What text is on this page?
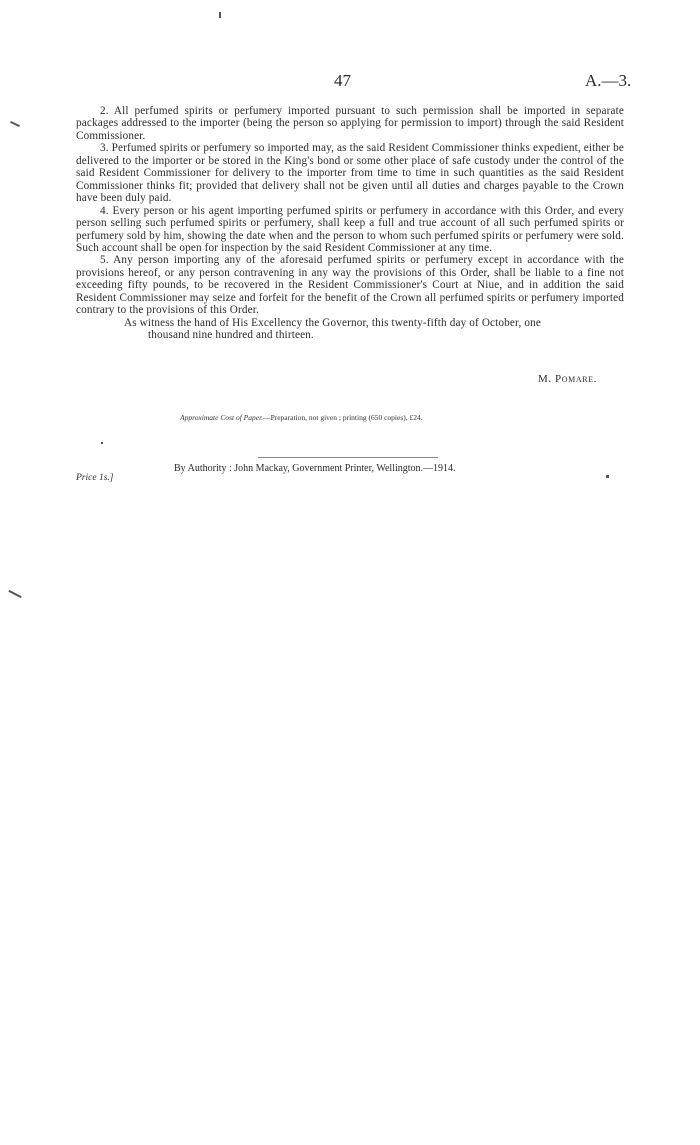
47	A.—3.

2. All perfumed spirits or perfumery imported pursuant to such permission shall be imported in separate packages addressed to the importer (being the person so applying for permission to import) through the said Resident Commissioner.

3. Perfumed spirits or perfumery so imported may, as the said Resident Commissioner thinks expedient, either be delivered to the importer or be stored in the King's bond or some other place of safe custody under the control of the said Resident Commissioner for delivery to the importer from time to time in such quantities as the said Resident Commissioner thinks fit; provided that delivery shall not be given until all duties and charges payable to the Crown have been duly paid.

4. Every person or his agent importing perfumed spirits or perfumery in accordance with this Order, and every person selling such perfumed spirits or perfumery, shall keep a full and true account of all such perfumed spirits or perfumery sold by him, showing the date when and the person to whom such perfumed spirits or perfumery were sold. Such account shall be open for inspection by the said Resident Commissioner at any time.

5. Any person importing any of the aforesaid perfumed spirits or perfumery except in accordance with the provisions hereof, or any person contravening in any way the provisions of this Order, shall be liable to a fine not exceeding fifty pounds, to be recovered in the Resident Commissioner's Court at Niue, and in addition the said Resident Commissioner may seize and forfeit for the benefit of the Crown all perfumed spirits or perfumery imported contrary to the provisions of this Order.

As witness the hand of His Excellency the Governor, this twenty-fifth day of October, one
thousand nine hundred and thirteen.

M. Pomare.
Approximate Cost of Paper.—Preparation, not given ; printing (650 copies), £24.
Price 1s.]
By Authority : John Mackay, Government Printer, Wellington.—1914.
